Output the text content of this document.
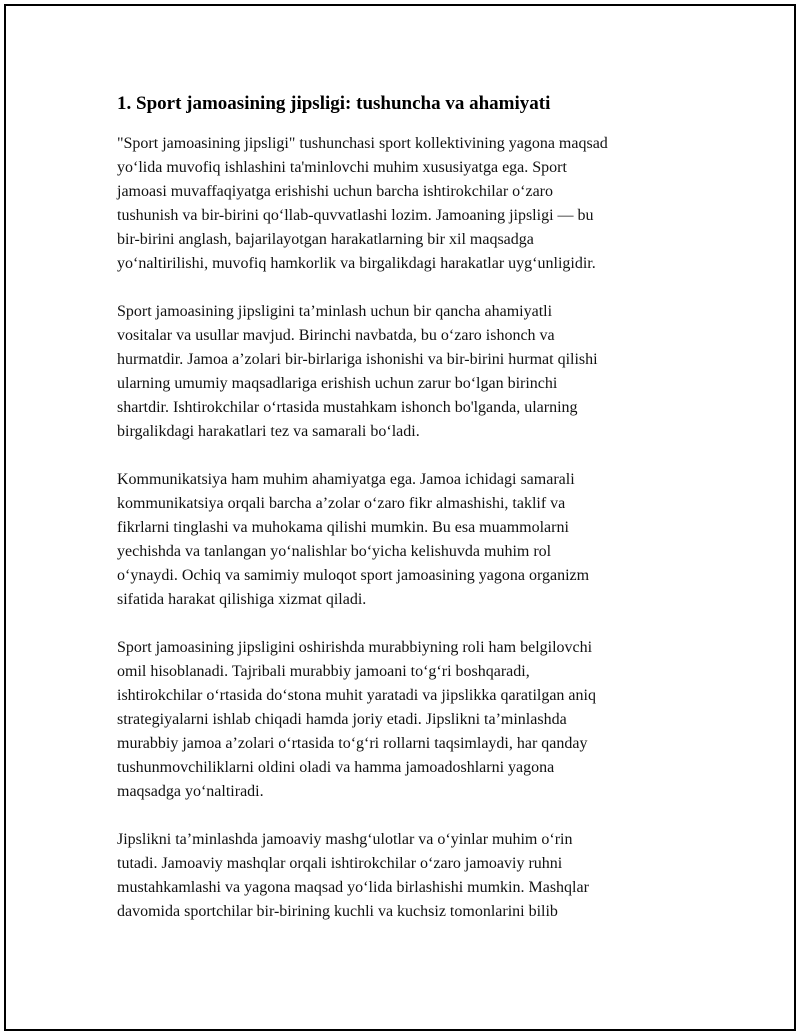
1. Sport jamoasining jipsligi: tushuncha va ahamiyati

"Sport jamoasining jipsligi" tushunchasi sport kollektivining yagona maqsad
yo‘lida muvofiq ishlashini ta'minlovchi muhim xususiyatga ega. Sport
jamoasi muvaffaqiyatga erishishi uchun barcha ishtirokchilar o‘zaro
tushunish va bir-birini qo‘llab-quvvatlashi lozim. Jamoaning jipsligi — bu
bir-birini anglash, bajarilayotgan harakatlarning bir xil maqsadga
yo‘naltirilishi, muvofiq hamkorlik va birgalikdagi harakatlar uyg‘unligidir.

Sport jamoasining jipsligini ta’minlash uchun bir qancha ahamiyatli
vositalar va usullar mavjud. Birinchi navbatda, bu o‘zaro ishonch va
hurmatdir. Jamoa a’zolari bir-birlariga ishonishi va bir-birini hurmat qilishi
ularning umumiy maqsadlariga erishish uchun zarur bo‘lgan birinchi
shartdir. Ishtirokchilar o‘rtasida mustahkam ishonch bo'lganda, ularning
birgalikdagi harakatlari tez va samarali bo‘ladi.

Kommunikatsiya ham muhim ahamiyatga ega. Jamoa ichidagi samarali
kommunikatsiya orqali barcha a’zolar o‘zaro fikr almashishi, taklif va
fikrlarni tinglashi va muhokama qilishi mumkin. Bu esa muammolarni
yechishda va tanlangan yo‘nalishlar bo‘yicha kelishuvda muhim rol
o‘ynaydi. Ochiq va samimiy muloqot sport jamoasining yagona organizm
sifatida harakat qilishiga xizmat qiladi.

Sport jamoasining jipsligini oshirishda murabbiyning roli ham belgilovchi
omil hisoblanadi. Tajribali murabbiy jamoani to‘g‘ri boshqaradi,
ishtirokchilar o‘rtasida do‘stona muhit yaratadi va jipslikka qaratilgan aniq
strategiyalarni ishlab chiqadi hamda joriy etadi. Jipslikni ta’minlashda
murabbiy jamoa a’zolari o‘rtasida to‘g‘ri rollarni taqsimlaydi, har qanday
tushunmovchiliklarni oldini oladi va hamma jamoadoshlarni yagona
maqsadga yo‘naltiradi.

Jipslikni ta’minlashda jamoaviy mashg‘ulotlar va o‘yinlar muhim o‘rin
tutadi. Jamoaviy mashqlar orqali ishtirokchilar o‘zaro jamoaviy ruhni
mustahkamlashi va yagona maqsad yo‘lida birlashishi mumkin. Mashqlar
davomida sportchilar bir-birining kuchli va kuchsiz tomonlarini bilib
